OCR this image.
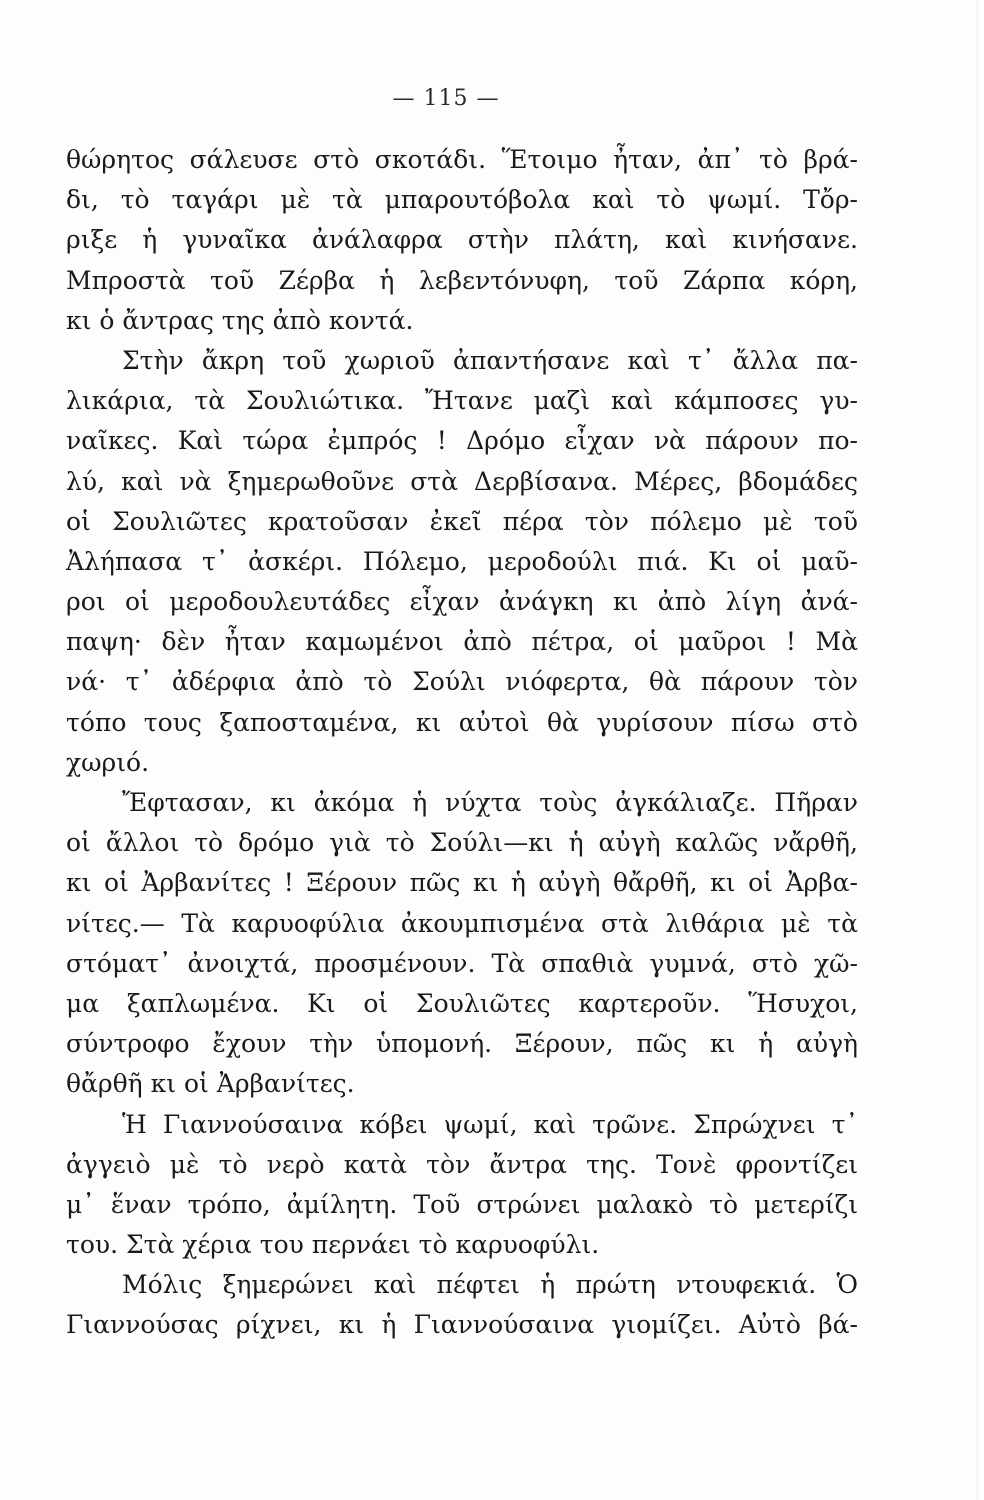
— 115 —
θώρητος σάλευσε στὸ σκοτάδι. Ἕτοιμο ἦταν, ἀπ᾽ τὸ βρά-
δι, τὸ ταγάρι μὲ τὰ μπαρουτόβολα καὶ τὸ ψωμί. Τὄρ-
ριξε ἡ γυναῖκα ἀνάλαφρα στὴν πλάτη, καὶ κινήσανε.
Μπροστὰ τοῦ Ζέρβα ἡ λεβεντόνυφη, τοῦ Ζάρπα κόρη,
κι ὁ ἄντρας της ἀπὸ κοντά.
Στὴν ἄκρη τοῦ χωριοῦ ἀπαντήσανε καὶ τ᾽ ἄλλα πα-
λικάρια, τὰ Σουλιώτικα. Ἤτανε μαζὶ καὶ κάμποσες γυ-
ναῖκες. Καὶ τώρα ἐμπρός ! Δρόμο εἶχαν νὰ πάρουν πο-
λύ, καὶ νὰ ξημερωθοῦνε στὰ Δερβίσανα. Μέρες, βδομάδες
οἱ Σουλιῶτες κρατοῦσαν ἐκεῖ πέρα τὸν πόλεμο μὲ τοῦ
Ἀλήπασα τ᾽ ἀσκέρι. Πόλεμο, μεροδούλι πιά. Κι οἱ μαῦ-
ροι οἱ μεροδουλευτάδες εἶχαν ἀνάγκη κι ἀπὸ λίγη ἀνά-
παψη· δὲν ἦταν καμωμένοι ἀπὸ πέτρα, οἱ μαῦροι ! Μὰ
νά· τ᾽ ἀδέρφια ἀπὸ τὸ Σούλι νιόφερτα, θὰ πάρουν τὸν
τόπο τους ξαποσταμένα, κι αὐτοὶ θὰ γυρίσουν πίσω στὸ
χωριό.
Ἔφτασαν, κι ἀκόμα ἡ νύχτα τοὺς ἀγκάλιαζε. Πῆραν
οἱ ἄλλοι τὸ δρόμο γιὰ τὸ Σούλι—κι ἡ αὐγὴ καλῶς νἄρθῆ,
κι οἱ Ἀρβανίτες ! Ξέρουν πῶς κι ἡ αὐγὴ θἄρθῆ, κι οἱ Ἀρβα-
νίτες.— Τὰ καρυοφύλια ἀκουμπισμένα στὰ λιθάρια μὲ τὰ
στόματ᾽ ἀνοιχτά, προσμένουν. Τὰ σπαθιὰ γυμνά, στὸ χῶ-
μα ξαπλωμένα. Κι οἱ Σουλιῶτες καρτεροῦν. Ἥσυχοι,
σύντροφο ἔχουν τὴν ὑπομονή. Ξέρουν, πῶς κι ἡ αὐγὴ
θἄρθῆ κι οἱ Ἀρβανίτες.
Ἡ Γιαννούσαινα κόβει ψωμί, καὶ τρῶνε. Σπρώχνει τ᾽
ἀγγειὸ μὲ τὸ νερὸ κατὰ τὸν ἄντρα της. Τονὲ φροντίζει
μ᾽ ἕναν τρόπο, ἀμίλητη. Τοῦ στρώνει μαλακὸ τὸ μετερίζι
του. Στὰ χέρια του περνάει τὸ καρυοφύλι.
Μόλις ξημερώνει καὶ πέφτει ἡ πρώτη ντουφεκιά. Ὁ
Γιαννούσας ρίχνει, κι ἡ Γιαννούσαινα γιομίζει. Αὐτὸ βά-
